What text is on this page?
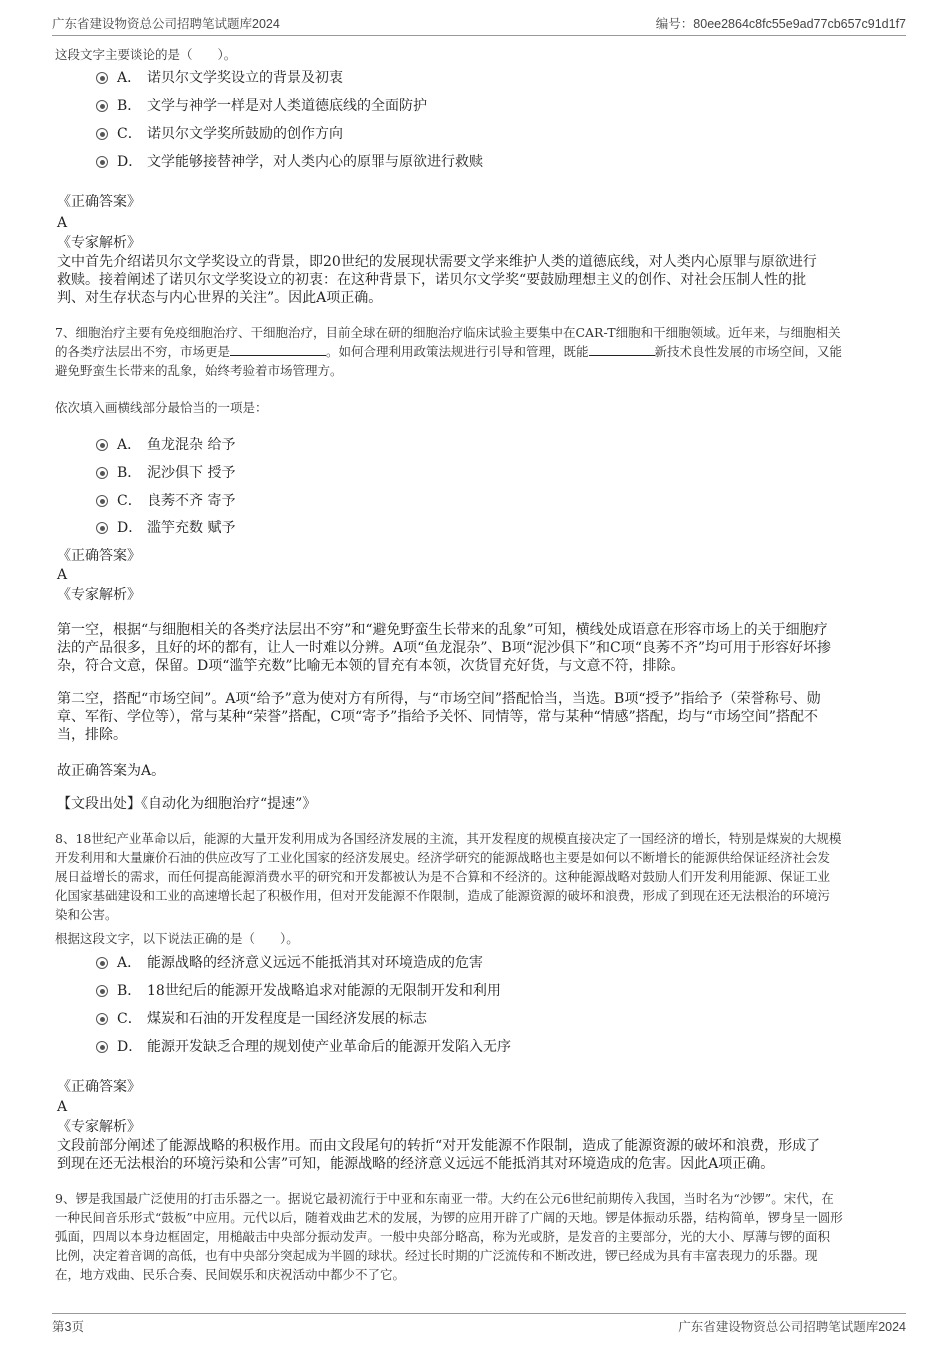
广东省建设物资总公司招聘笔试题库2024	编号：80ee2864c8fc55e9ad77cb657c91d1f7
这段文字主要谈论的是（　　）。
A． 诺贝尔文学奖设立的背景及初衷
B． 文学与神学一样是对人类道德底线的全面防护
C． 诺贝尔文学奖所鼓励的创作方向
D． 文学能够接替神学，对人类内心的原罪与原欲进行救赎
《正确答案》
A
《专家解析》
文中首先介绍诺贝尔文学奖设立的背景，即20世纪的发展现状需要文学来维护人类的道德底线，对人类内心原罪与原欲进行
救赎。接着阐述了诺贝尔文学奖设立的初衷：在这种背景下，诺贝尔文学奖“要鼓励理想主义的创作、对社会压制人性的批
判、对生存状态与内心世界的关注”。因此A项正确。
7、细胞治疗主要有免疫细胞治疗、干细胞治疗，目前全球在研的细胞治疗临床试验主要集中在CAR-T细胞和干细胞领域。近年来，与细胞相关
的各类疗法层出不穷，市场更是	。如何合理利用政策法规进行引导和管理，既能	新技术良性发展的市场空间，又能
避免野蛮生长带来的乱象，始终考验着市场管理方。
依次填入画横线部分最恰当的一项是：
A． 鱼龙混杂 给予
B． 泥沙俱下 授予
C． 良莠不齐 寄予
D． 滥竽充数 赋予
《正确答案》
A
《专家解析》
第一空，根据“与细胞相关的各类疗法层出不穷”和“避免野蛮生长带来的乱象”可知，横线处成语意在形容市场上的关于细胞疗
法的产品很多，且好的坏的都有，让人一时难以分辨。A项“鱼龙混杂”、B项“泥沙俱下”和C项“良莠不齐”均可用于形容好坏掺
杂，符合文意，保留。D项“滥竽充数”比喻无本领的冒充有本领，次货冒充好货，与文意不符，排除。
第二空，搭配“市场空间”。A项“给予”意为使对方有所得，与“市场空间”搭配恰当，当选。B项“授予”指给予（荣誉称号、勋
章、军衔、学位等），常与某种“荣誉”搭配，C项“寄予”指给予关怀、同情等，常与某种“情感”搭配，均与“市场空间”搭配不
当，排除。
故正确答案为A。
【文段出处】《自动化为细胞治疗“提速”》
8、18世纪产业革命以后，能源的大量开发利用成为各国经济发展的主流，其开发程度的规模直接决定了一国经济的增长，特别是煤炭的大规模
开发利用和大量廉价石油的供应改写了工业化国家的经济发展史。经济学研究的能源战略也主要是如何以不断增长的能源供给保证经济社会发
展日益增长的需求，而任何提高能源消费水平的研究和开发都被认为是不合算和不经济的。这种能源战略对鼓励人们开发利用能源、保证工业
化国家基础建设和工业的高速增长起了积极作用，但对开发能源不作限制，造成了能源资源的破坏和浪费，形成了到现在还无法根治的环境污
染和公害。
根据这段文字，以下说法正确的是（　　）。
A． 能源战略的经济意义远远不能抵消其对环境造成的危害
B． 18世纪后的能源开发战略追求对能源的无限制开发和利用
C． 煤炭和石油的开发程度是一国经济发展的标志
D． 能源开发缺乏合理的规划使产业革命后的能源开发陷入无序
《正确答案》
A
《专家解析》
文段前部分阐述了能源战略的积极作用。而由文段尾句的转折“对开发能源不作限制，造成了能源资源的破坏和浪费，形成了
到现在还无法根治的环境污染和公害”可知，能源战略的经济意义远远不能抵消其对环境造成的危害。因此A项正确。
9、锣是我国最广泛使用的打击乐器之一。据说它最初流行于中亚和东南亚一带。大约在公元6世纪前期传入我国，当时名为“沙锣”。宋代，在
一种民间音乐形式“鼓板”中应用。元代以后，随着戏曲艺术的发展，为锣的应用开辟了广阔的天地。锣是体振动乐器，结构简单，锣身呈一圆形
弧面，四周以本身边框固定，用槌敲击中央部分振动发声。一般中央部分略高，称为光或脐，是发音的主要部分，光的大小、厚薄与锣的面积
比例，决定着音调的高低，也有中央部分突起成为半圆的球状。经过长时期的广泛流传和不断改进，锣已经成为具有丰富表现力的乐器。现
在，地方戏曲、民乐合奏、民间娱乐和庆祝活动中都少不了它。
第3页	广东省建设物资总公司招聘笔试题库2024
